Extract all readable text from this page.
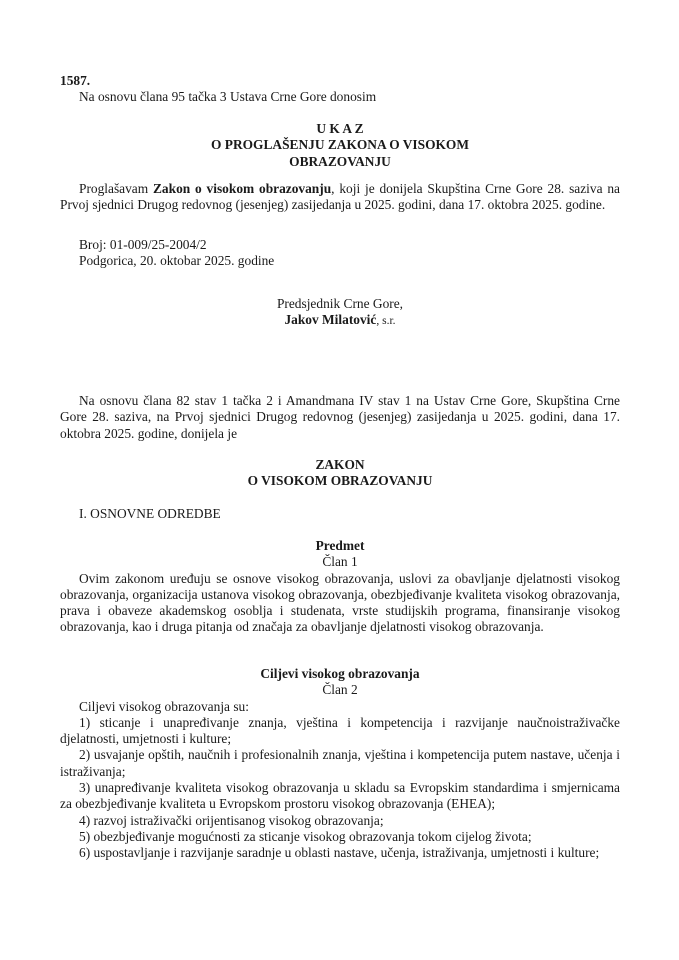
1587.

Na osnovu člana 95 tačka 3 Ustava Crne Gore donosim

U K A Z

O PROGLAŠENJU ZAKONA O VISOKOM

OBRAZOVANJU

Proglašavam Zakon o visokom obrazovanju, koji je donijela Skupština Crne Gore 28. saziva na Prvoj sjednici Drugog redovnog (jesenjeg) zasijedanja u 2025. godini, dana 17. oktobra 2025. godine.

Broj: 01-009/25-2004/2

Podgorica, 20. oktobar 2025. godine

Predsjednik Crne Gore,

Jakov Milatović, s.r.

Na osnovu člana 82 stav 1 tačka 2 i Amandmana IV stav 1 na Ustav Crne Gore, Skupština Crne Gore 28. saziva, na Prvoj sjednici Drugog redovnog (jesenjeg) zasijedanja u 2025. godini, dana 17. oktobra 2025. godine, donijela je

ZAKON

O VISOKOM OBRAZOVANJU

I. OSNOVNE ODREDBE

Predmet

Član 1

Ovim zakonom uređuju se osnove visokog obrazovanja, uslovi za obavljanje djelatnosti visokog obrazovanja, organizacija ustanova visokog obrazovanja, obezbjeđivanje kvaliteta visokog obrazovanja, prava i obaveze akademskog osoblja i studenata, vrste studijskih programa, finansiranje visokog obrazovanja, kao i druga pitanja od značaja za obavljanje djelatnosti visokog obrazovanja.

Ciljevi visokog obrazovanja

Član 2

Ciljevi visokog obrazovanja su:

1) sticanje i unapređivanje znanja, vještina i kompetencija i razvijanje naučnoistraživačke djelatnosti, umjetnosti i kulture;

2) usvajanje opštih, naučnih i profesionalnih znanja, vještina i kompetencija putem nastave, učenja i istraživanja;

3) unapređivanje kvaliteta visokog obrazovanja u skladu sa Evropskim standardima i smjernicama za obezbjeđivanje kvaliteta u Evropskom prostoru visokog obrazovanja (EHEA);

4) razvoj istraživački orijentisanog visokog obrazovanja;

5) obezbjeđivanje mogućnosti za sticanje visokog obrazovanja tokom cijelog života;

6) uspostavljanje i razvijanje saradnje u oblasti nastave, učenja, istraživanja, umjetnosti i kulture;
